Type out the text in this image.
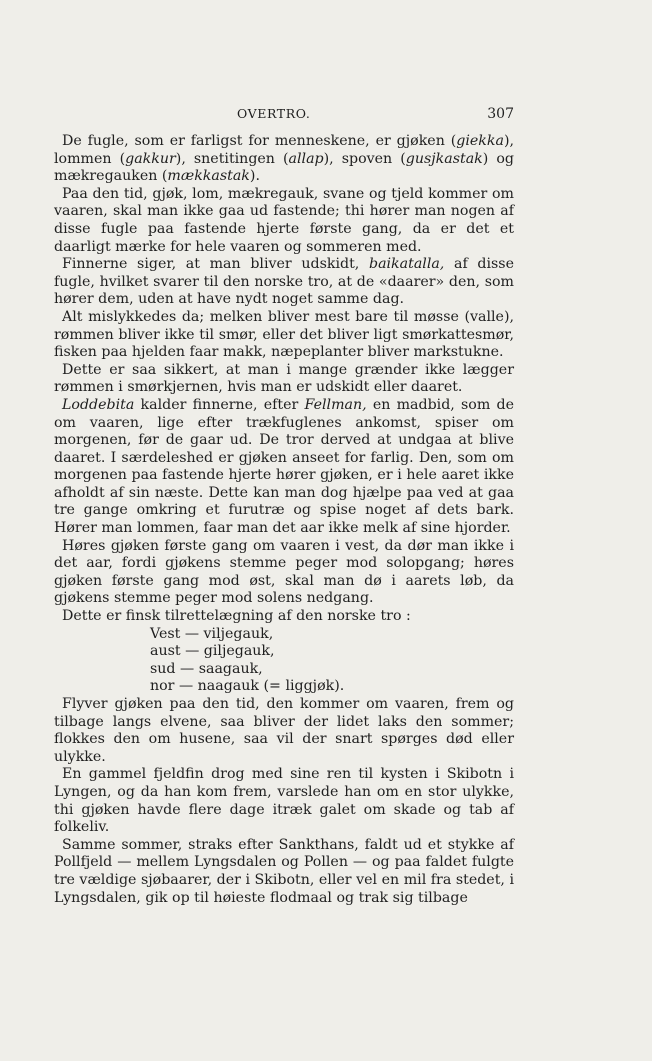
OVERTRO.	307

De fugle, som er farligst for menneskene, er gjøken (giekka), lommen (gakkur), snetitingen (allap), spoven (gusjkastak) og mækregauken (mækkastak).

Paa den tid, gjøk, lom, mækregauk, svane og tjeld kommer om vaaren, skal man ikke gaa ud fastende; thi hører man nogen af disse fugle paa fastende hjerte første gang, da er det et daarligt mærke for hele vaaren og sommeren med.

Finnerne siger, at man bliver udskidt, baikatalla, af disse fugle, hvilket svarer til den norske tro, at de «daarer» den, som hører dem, uden at have nydt noget samme dag.

Alt mislykkedes da; melken bliver mest bare til møsse (valle), rømmen bliver ikke til smør, eller det bliver ligt smørkattesmør, fisken paa hjelden faar makk, næpeplanter bliver markstukne.

Dette er saa sikkert, at man i mange grænder ikke lægger rømmen i smørkjernen, hvis man er udskidt eller daaret.

Loddebita kalder finnerne, efter Fellman, en madbid, som de om vaaren, lige efter trækfuglenes ankomst, spiser om morgenen, før de gaar ud. De tror derved at undgaa at blive daaret. I særdeleshed er gjøken anseet for farlig. Den, som om morgenen paa fastende hjerte hører gjøken, er i hele aaret ikke afholdt af sin næste. Dette kan man dog hjælpe paa ved at gaa tre gange omkring et furutræ og spise noget af dets bark. Hører man lommen, faar man det aar ikke melk af sine hjorder.

Høres gjøken første gang om vaaren i vest, da dør man ikke i det aar, fordi gjøkens stemme peger mod solopgang; høres gjøken første gang mod øst, skal man dø i aarets løb, da gjøkens stemme peger mod solens nedgang.

Dette er finsk tilrettelægning af den norske tro :

Vest — viljegauk,
aust — giljegauk,
sud — saagauk,
nor — naagauk (= liggjøk).

Flyver gjøken paa den tid, den kommer om vaaren, frem og tilbage langs elvene, saa bliver der lidet laks den sommer; flokkes den om husene, saa vil der snart spørges død eller ulykke.

En gammel fjeldfin drog med sine ren til kysten i Skibotn i Lyngen, og da han kom frem, varslede han om en stor ulykke, thi gjøken havde flere dage itræk galet om skade og tab af folkeliv.

Samme sommer, straks efter Sankthans, faldt ud et stykke af Pollfjeld — mellem Lyngsdalen og Pollen — og paa faldet fulgte tre vældige sjøbaarer, der i Skibotn, eller vel en mil fra stedet, i Lyngsdalen, gik op til høieste flodmaal og trak sig tilbage
